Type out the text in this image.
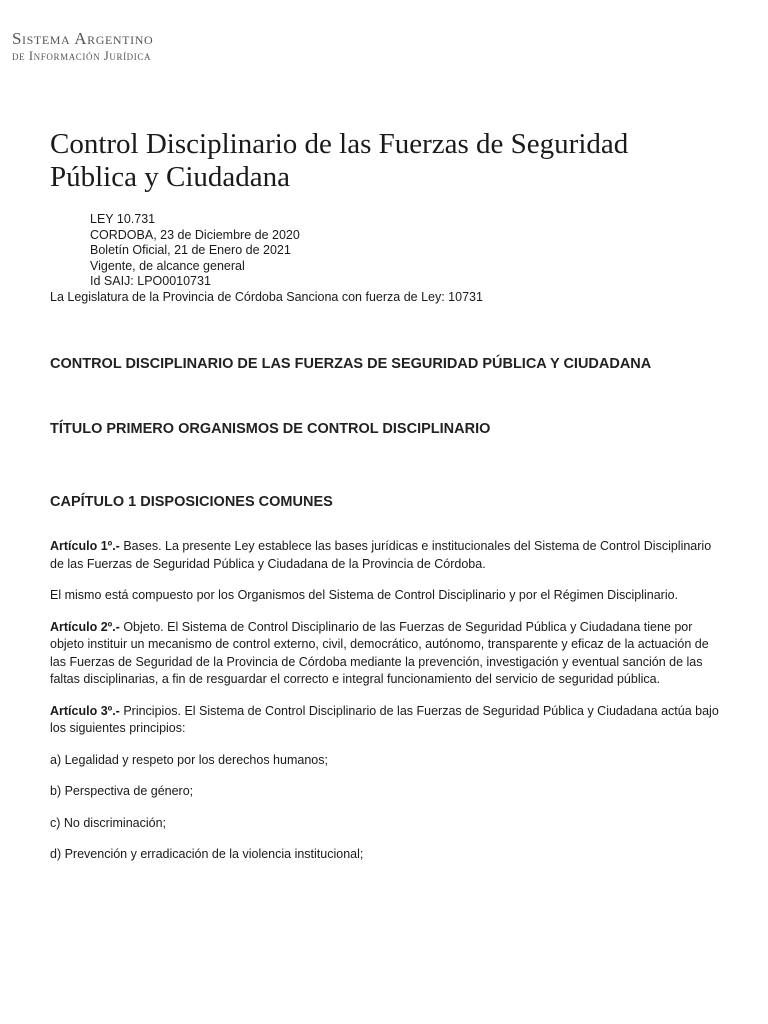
Sistema Argentino
de Información Jurídica
Control Disciplinario de las Fuerzas de Seguridad Pública y Ciudadana
LEY 10.731
CORDOBA, 23 de Diciembre de 2020
Boletín Oficial, 21 de Enero de 2021
Vigente, de alcance general
Id SAIJ: LPO0010731

La Legislatura de la Provincia de Córdoba Sanciona con fuerza de Ley: 10731

CONTROL DISCIPLINARIO DE LAS FUERZAS DE SEGURIDAD PÚBLICA Y CIUDADANA
TÍTULO PRIMERO ORGANISMOS DE CONTROL DISCIPLINARIO
CAPÍTULO 1 DISPOSICIONES COMUNES

Artículo 1º.- Bases. La presente Ley establece las bases jurídicas e institucionales del Sistema de Control Disciplinario de las Fuerzas de Seguridad Pública y Ciudadana de la Provincia de Córdoba.

El mismo está compuesto por los Organismos del Sistema de Control Disciplinario y por el Régimen Disciplinario.

Artículo 2º.- Objeto. El Sistema de Control Disciplinario de las Fuerzas de Seguridad Pública y Ciudadana tiene por objeto instituir un mecanismo de control externo, civil, democrático, autónomo, transparente y eficaz de la actuación de las Fuerzas de Seguridad de la Provincia de Córdoba mediante la prevención, investigación y eventual sanción de las faltas disciplinarias, a fin de resguardar el correcto e integral funcionamiento del servicio de seguridad pública.

Artículo 3º.- Principios. El Sistema de Control Disciplinario de las Fuerzas de Seguridad Pública y Ciudadana actúa bajo los siguientes principios:

a) Legalidad y respeto por los derechos humanos;

b) Perspectiva de género;

c) No discriminación;

d) Prevención y erradicación de la violencia institucional;
